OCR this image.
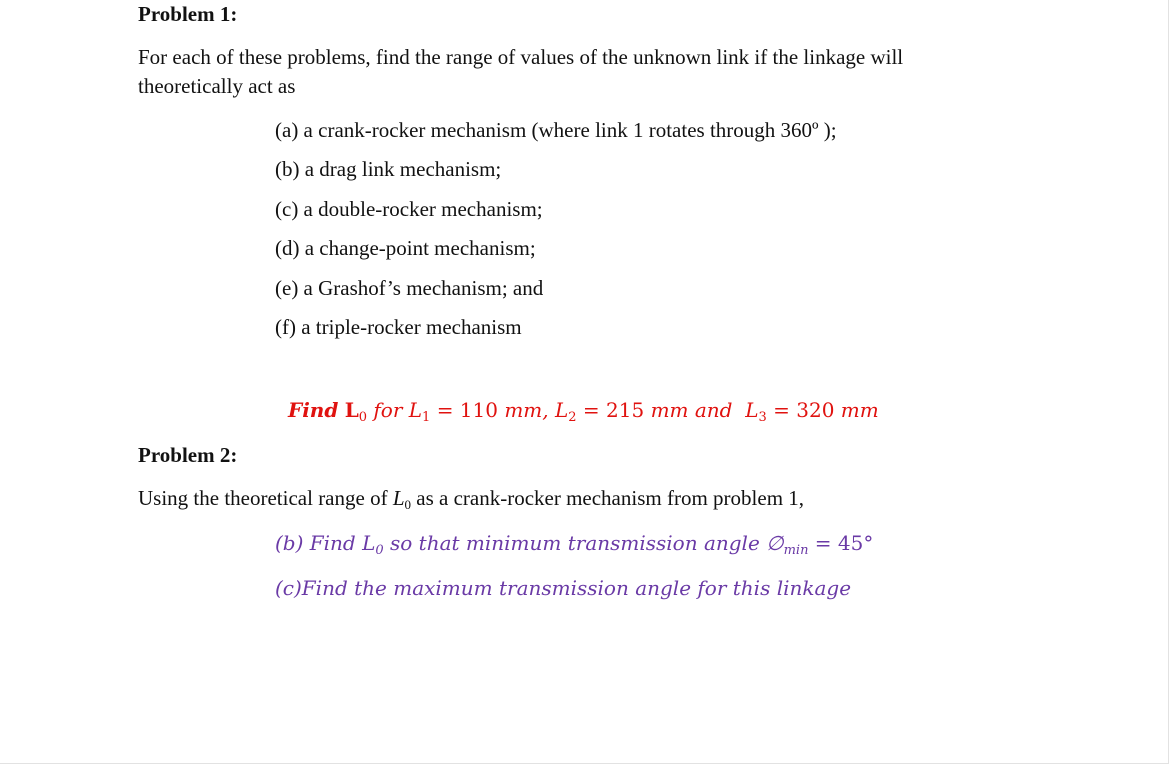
Problem 1:
For each of these problems, find the range of values of the unknown link if the linkage will
theoretically act as
(a) a crank-rocker mechanism (where link 1 rotates through 360º );
(b) a drag link mechanism;
(c) a double-rocker mechanism;
(d) a change-point mechanism;
(e) a Grashof’s mechanism; and
(f) a triple-rocker mechanism
Find $L_0$ for $L_1 = 110$ mm, $L_2 = 215$ mm and $L_3 = 320$ mm
Problem 2:
Using the theoretical range of $L_0$ as a crank-rocker mechanism from problem 1,
(b) Find $L_0$ so that minimum transmission angle $\emptyset_{min} = 45^\circ$
(c)Find the maximum transmission angle for this linkage
